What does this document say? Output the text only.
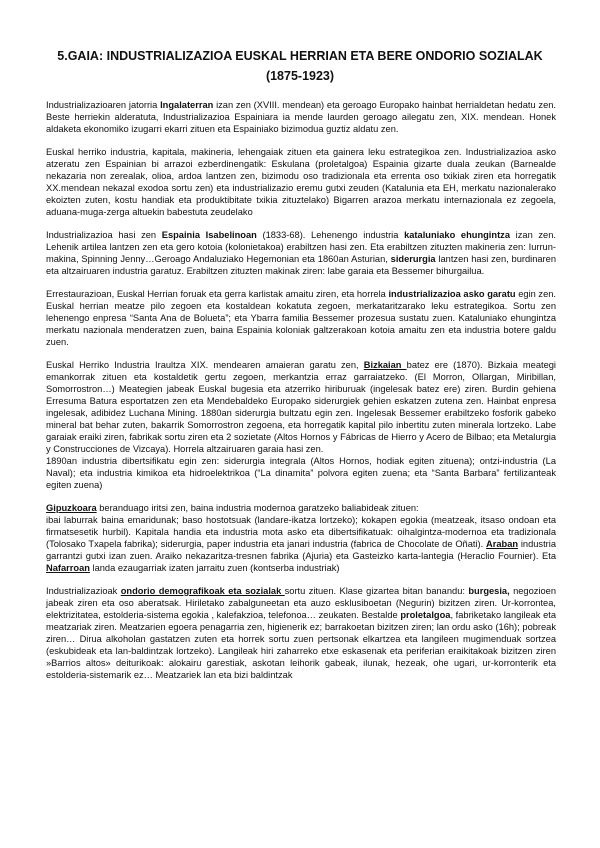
5.GAIA: INDUSTRIALIZAZIOA EUSKAL HERRIAN ETA BERE ONDORIO SOZIALAK (1875-1923)

Industrializazioaren jatorria Ingalaterran izan zen (XVIII. mendean) eta geroago Europako hainbat herrialdetan hedatu zen. Beste herriekin alderatuta, Industrializazioa Espainiara ia mende laurden geroago ailegatu zen, XIX. mendean. Honek aldaketa ekonomiko izugarri ekarri zituen eta Espainiako bizimodua guztiz aldatu zen.

Euskal herriko industria, kapitala, makineria, lehengaiak zituen eta gainera leku estrategikoa zen. Industrializazioa asko atzeratu zen Espainian bi arrazoi ezberdinengatik: Eskulana (proletalgoa) Espainia gizarte duala zeukan (Barnealde nekazaria non zerealak, olioa, ardoa lantzen zen, bizimodu oso tradizionala eta errenta oso txikiak ziren eta horregatik XX.mendean nekazal exodoa sortu zen) eta industrializazio eremu gutxi zeuden (Katalunia eta EH, merkatu nazionalerako ekoizten zuten, kostu handiak eta produktibitate txikia zituztelako) Bigarren arazoa merkatu internazionala ez zegoela, aduana-muga-zerga altuekin babestuta zeudelako

Industrializazioa hasi zen Espainia Isabelinoan (1833-68). Lehenengo industria kataluniako ehungintza izan zen. Lehenik artilea lantzen zen eta gero kotoia (kolonietakoa) erabiltzen hasi zen. Eta erabiltzen zituzten makineria zen: Iurrun-makina, Spinning Jenny…Geroago Andaluziako Hegemonian eta 1860an Asturian, siderurgia lantzen hasi zen, burdinaren eta altzairuaren industria garatuz. Erabiltzen zituzten makinak ziren: labe garaia eta Bessemer bihurgailua.

Errestaurazioan, Euskal Herrian foruak eta gerra karlistak amaitu ziren, eta horrela industrializazioa asko garatu egin zen. Euskal herrian meatze pilo zegoen eta kostaldean kokatuta zegoen, merkataritzarako leku estrategikoa. Sortu zen lehenengo enpresa “Santa Ana de Bolueta”; eta Ybarra familia Bessemer prozesua sustatu zuen. Kataluniako ehungintza merkatu nazionala menderatzen zuen, baina Espainia koloniak galtzerakoan kotoia amaitu zen eta industria botere galdu zuen.

Euskal Herriko Industria Iraultza XIX. mendearen amaieran garatu zen, Bizkaian batez ere (1870). Bizkaia meategi emankorrak zituen eta kostaldetik gertu zegoen, merkantzia erraz garraiatzeko. (El Morron, Ollargan, Miribillan, Somorrostron…) Meategien jabeak Euskal bugesia eta atzerriko hiriburuak (ingelesak batez ere) ziren. Burdin gehiena Erresuma Batura esportatzen zen eta Mendebaldeko Europako siderurgiek gehien eskatzen zutena zen. Hainbat enpresa ingelesak, adibidez Luchana Mining. 1880an siderurgia bultzatu egin zen. Ingelesak Bessemer erabiltzeko fosforik gabeko mineral bat behar zuten, bakarrik Somorrostron zegoena, eta horregatik kapital pilo inbertitu zuten minerala lortzeko. Labe garaiak eraiki ziren, fabrikak sortu ziren eta 2 sozietate (Altos Hornos y Fábricas de Hierro y Acero de Bilbao; eta Metalurgia y Construcciones de Vizcaya). Horrela altzairuaren garaia hasi zen.
1890an industria dibertsifikatu egin zen: siderurgia integrala (Altos Hornos, hodiak egiten zituena); ontzi-industria (La Naval); eta industria kimikoa eta hidroelektrikoa (“La dinamita” polvora egiten zuena; eta “Santa Barbara” fertilizanteak egiten zuena)

Gipuzkoara beranduago iritsi zen, baina industria modernoa garatzeko baliabideak zituen:
ibai laburrak baina emaridunak; baso hostotsuak (landare-ikatza lortzeko); kokapen egokia (meatzeak, itsaso ondoan eta firmatsesetik hurbil). Kapitala handia eta industria mota asko eta dibertsifikatuak: oihalgintza-modernoa eta tradizionala (Tolosako Txapela fabrika); siderurgia, paper industria eta janari industria (fabrica de Chocolate de Oñati). Araban industria garrantzi gutxi izan zuen. Araiko nekazaritza-tresnen fabrika (Ajuria) eta Gasteizko karta-lantegia (Heraclio Fournier). Eta Nafarroan landa ezaugarriak izaten jarraitu zuen (kontserba industriak)

Industrializazioak ondorio demografikoak eta sozialak sortu zituen. Klase gizartea bitan banandu: burgesia, negozioen jabeak ziren eta oso aberatsak. Hiriletako zabalguneetan eta auzo esklusiboetan (Negurin) bizitzen ziren. Ur-korrontea, elektrizitatea, estolderia-sistema egokia , kalefakzioa, telefonoa… zeukaten. Bestalde proletalgoa, fabriketako langileak eta meatzariak ziren. Meatzarien egoera penagarria zen, higienerik ez; barrakoetan bizitzen ziren; lan ordu asko (16h); pobreak ziren… Dirua alkoholan gastatzen zuten eta horrek sortu zuen pertsonak elkartzea eta langileen mugimenduak sortzea (eskubideak eta lan-baldintzak lortzeko). Langileak hiri zaharreko etxe eskasenak eta periferian eraikitakoak bizitzen ziren »Barrios altos» deiturikoak: alokairu garestiak, askotan leihorik gabeak, ilunak, hezeak, ohe ugari, ur-korronterik eta estolderia-sistemarik ez… Meatzariek lan eta bizi baldintzak
